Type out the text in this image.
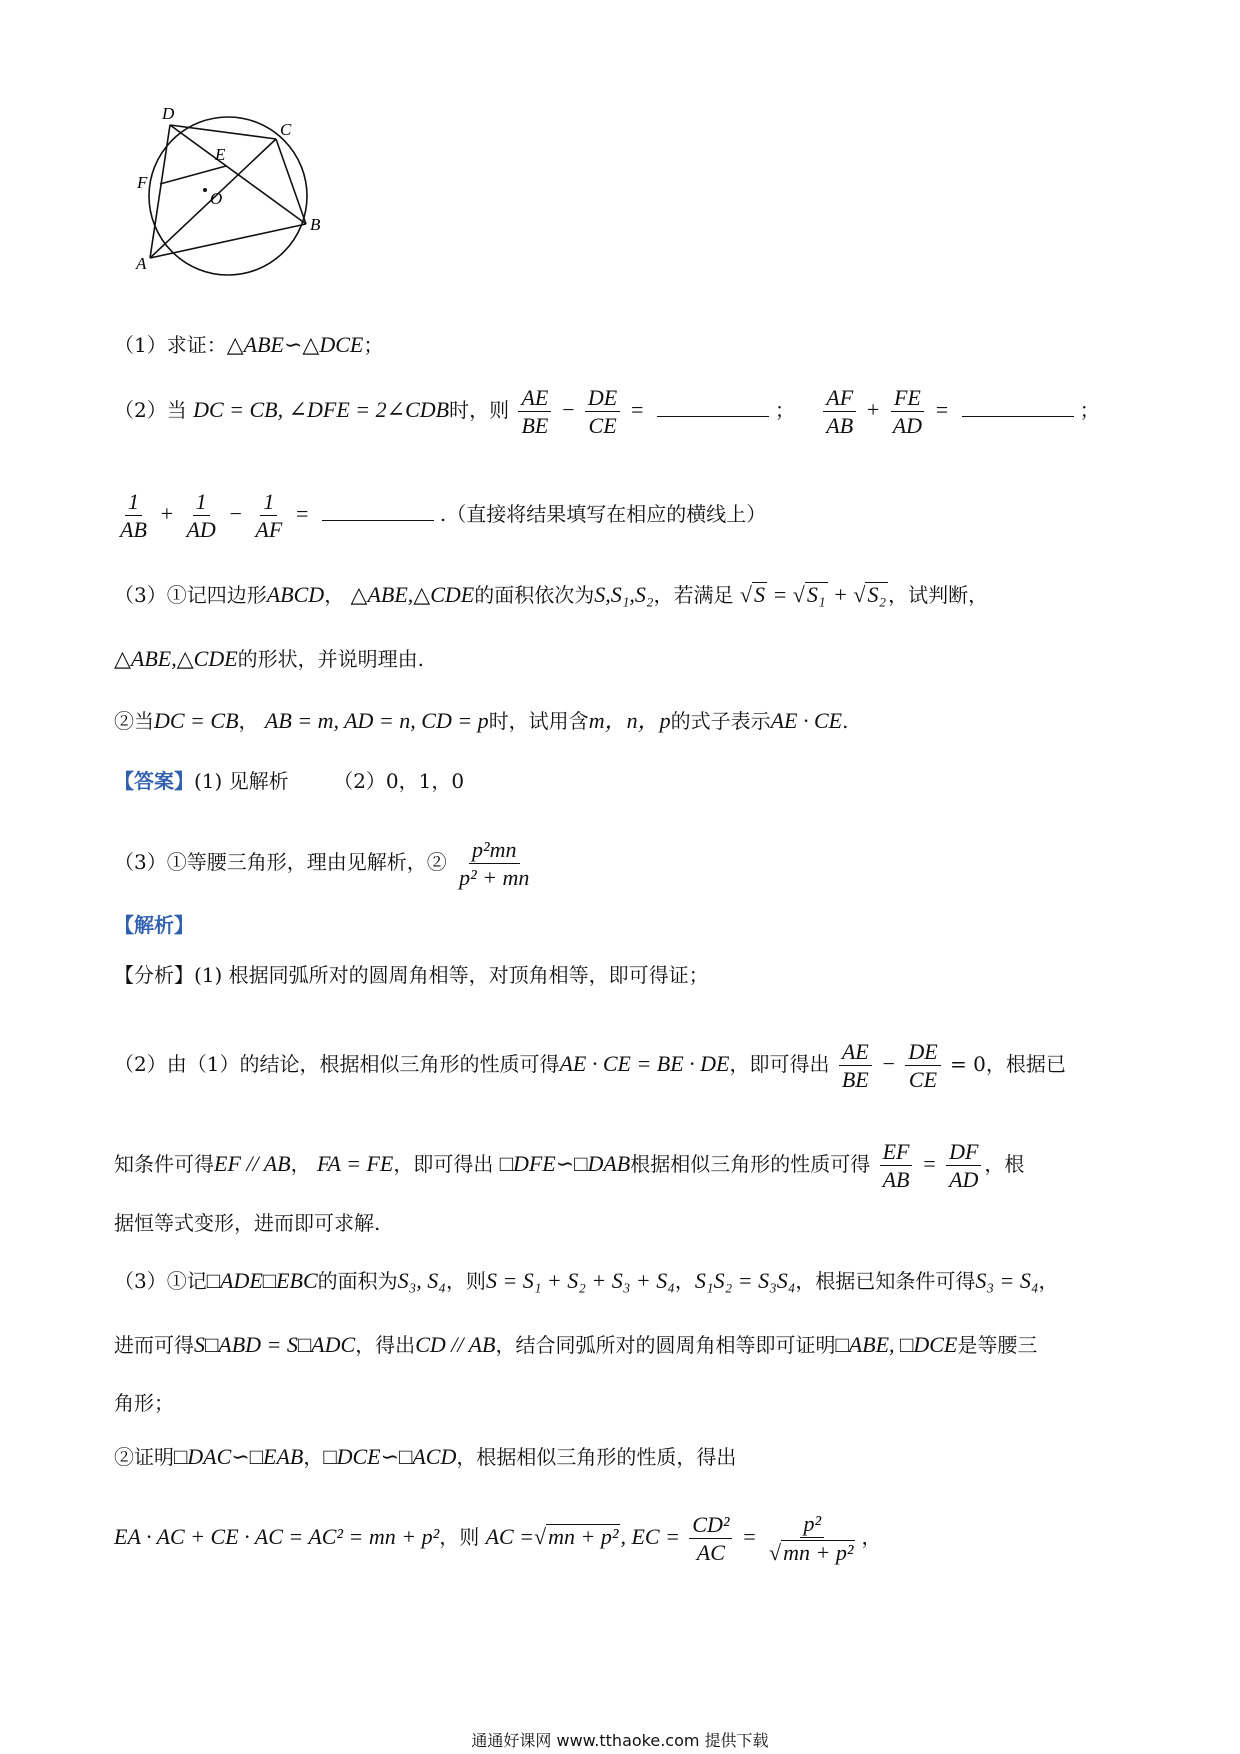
D
C
E
F
O
B
A
（1）求证：△ABE∽△DCE；
（2）当 DC = CB, ∠DFE = 2∠CDB时，则 $\frac{AE}{BE} - \frac{DE}{CE}$ =	； $\frac{AF}{AB} + \frac{FE}{AD}$ =	；
$\frac{1}{AB} + \frac{1}{AD} - \frac{1}{AF}$ =	.（直接将结果填写在相应的横线上）
（3）①记四边形ABCD， △ABE,△CDE的面积依次为S,S₁,S₂，若满足 √S = √S₁ + √S₂ ，试判断，
△ABE,△CDE的形状，并说明理由.
②当DC = CB， AB = m, AD = n, CD = p时，试用含m，n，p的式子表示AE · CE.
【答案】(1) 见解析 （2）0，1，0
（3）①等腰三角形，理由见解析，② $\frac{\text{p²mn}}{\text{p² + mn}}$
【解析】
【分析】(1) 根据同弧所对的圆周角相等，对顶角相等，即可得证；
（2）由（1）的结论，根据相似三角形的性质可得AE · CE = BE · DE，即可得出 $\frac{AE}{BE} - \frac{DE}{CE} = 0$，根据已
知条件可得EF // AB， FA = FE，即可得出 □DFE∽□DAB根据相似三角形的性质可得 $\frac{EF}{AB} = \frac{DF}{AD}$ ，根
据恒等式变形，进而即可求解.
（3）①记□ADE□EBC的面积为S₃, S₄，则S = S₁ + S₂ + S₃ + S₄，S₁S₂ = S₃S₄，根据已知条件可得S₃ = S₄，
进而可得S□ABD = S□ADC，得出CD // AB，结合同弧所对的圆周角相等即可证明□ABE, □DCE是等腰三
角形；
②证明□DAC∽□EAB，□DCE∽□ACD，根据相似三角形的性质，得出
EA · AC + CE · AC = AC² = mn + p²，则 AC =√mn + p², EC = $\frac{\text{CD²}}{AC} = \frac{\text{p²}}{\text{√mn + p²}}$ ，
通通好课网 www.tthaoke.com 提供下载
